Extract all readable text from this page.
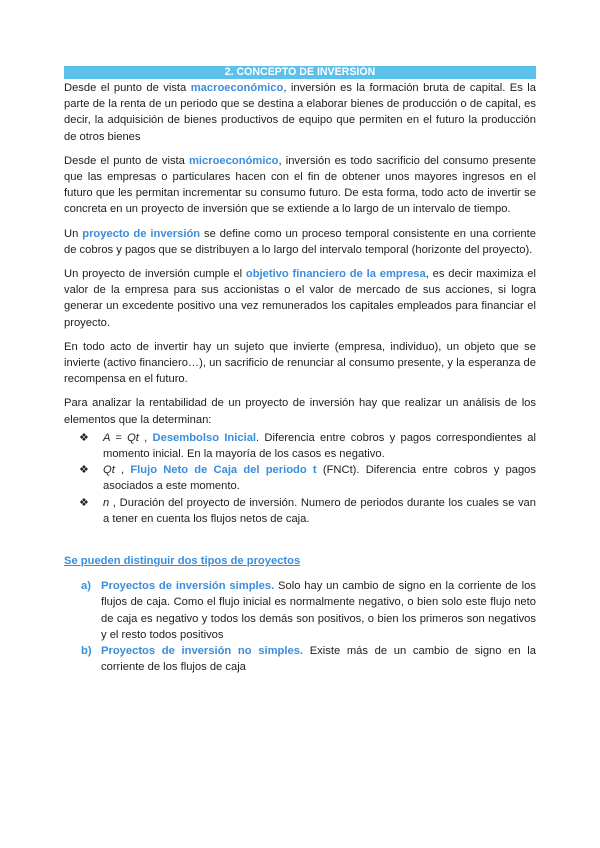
2. CONCEPTO DE INVERSIÓN

Desde el punto de vista macroeconómico, inversión es la formación bruta de capital. Es la parte de la renta de un periodo que se destina a elaborar bienes de producción o de capital, es decir, la adquisición de bienes productivos de equipo que permiten en el futuro la producción de otros bienes

Desde el punto de vista microeconómico, inversión es todo sacrificio del consumo presente que las empresas o particulares hacen con el fin de obtener unos mayores ingresos en el futuro que les permitan incrementar su consumo futuro. De esta forma, todo acto de invertir se concreta en un proyecto de inversión que se extiende a lo largo de un intervalo de tiempo.

Un proyecto de inversión se define como un proceso temporal consistente en una corriente de cobros y pagos que se distribuyen a lo largo del intervalo temporal (horizonte del proyecto).

Un proyecto de inversión cumple el objetivo financiero de la empresa, es decir maximiza el valor de la empresa para sus accionistas o el valor de mercado de sus acciones, si logra generar un excedente positivo una vez remunerados los capitales empleados para financiar el proyecto.

En todo acto de invertir hay un sujeto que invierte (empresa, individuo), un objeto que se invierte (activo financiero…), un sacrificio de renunciar al consumo presente, y la esperanza de recompensa en el futuro.

Para analizar la rentabilidad de un proyecto de inversión hay que realizar un análisis de los elementos que la determinan:

❖ A = Qt , Desembolso Inicial. Diferencia entre cobros y pagos correspondientes al momento inicial. En la mayoría de los casos es negativo.
❖ Qt , Flujo Neto de Caja del periodo t (FNCt). Diferencia entre cobros y pagos asociados a este momento.
❖ n , Duración del proyecto de inversión. Numero de periodos durante los cuales se van a tener en cuenta los flujos netos de caja.
Se pueden distinguir dos tipos de proyectos
a) Proyectos de inversión simples. Solo hay un cambio de signo en la corriente de los flujos de caja. Como el flujo inicial es normalmente negativo, o bien solo este flujo neto de caja es negativo y todos los demás son positivos, o bien los primeros son negativos y el resto todos positivos
b) Proyectos de inversión no simples. Existe más de un cambio de signo en la corriente de los flujos de caja
